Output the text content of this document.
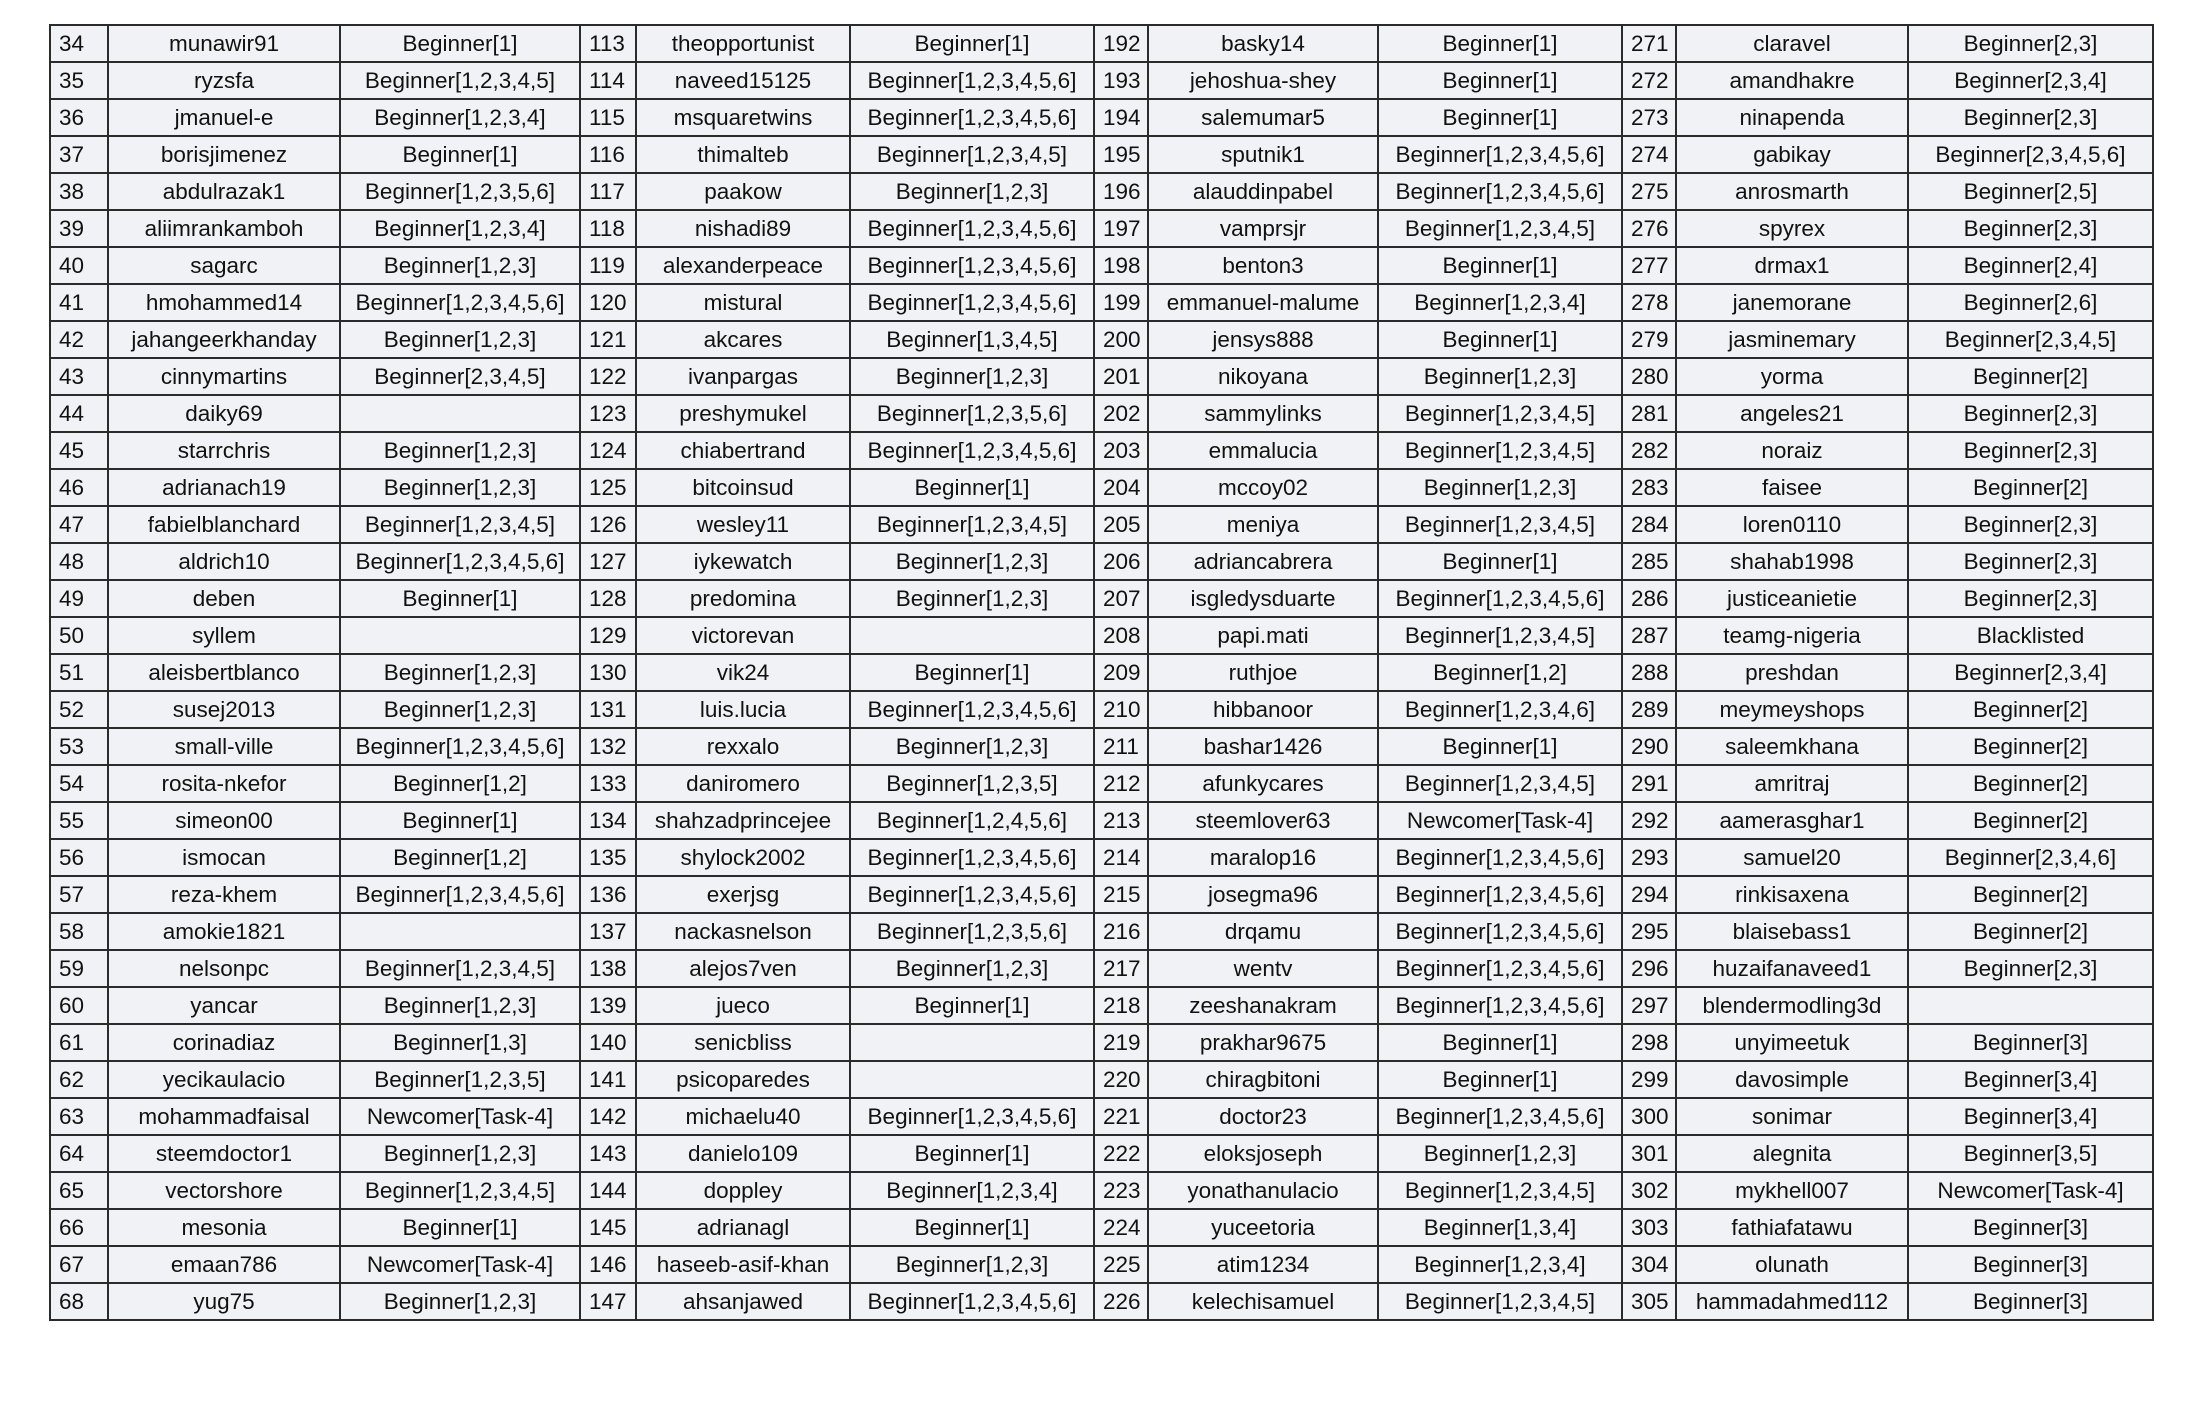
34	munawir91	Beginner[1]	113	theopportunist	Beginner[1]	192	basky14	Beginner[1]	271	claravel	Beginner[2,3]
35	ryzsfa	Beginner[1,2,3,4,5]	114	naveed15125	Beginner[1,2,3,4,5,6]	193	jehoshua-shey	Beginner[1]	272	amandhakre	Beginner[2,3,4]
36	jmanuel-e	Beginner[1,2,3,4]	115	msquaretwins	Beginner[1,2,3,4,5,6]	194	salemumar5	Beginner[1]	273	ninapenda	Beginner[2,3]
37	borisjimenez	Beginner[1]	116	thimalteb	Beginner[1,2,3,4,5]	195	sputnik1	Beginner[1,2,3,4,5,6]	274	gabikay	Beginner[2,3,4,5,6]
38	abdulrazak1	Beginner[1,2,3,5,6]	117	paakow	Beginner[1,2,3]	196	alauddinpabel	Beginner[1,2,3,4,5,6]	275	anrosmarth	Beginner[2,5]
39	aliimrankamboh	Beginner[1,2,3,4]	118	nishadi89	Beginner[1,2,3,4,5,6]	197	vamprsjr	Beginner[1,2,3,4,5]	276	spyrex	Beginner[2,3]
40	sagarc	Beginner[1,2,3]	119	alexanderpeace	Beginner[1,2,3,4,5,6]	198	benton3	Beginner[1]	277	drmax1	Beginner[2,4]
41	hmohammed14	Beginner[1,2,3,4,5,6]	120	mistural	Beginner[1,2,3,4,5,6]	199	emmanuel-malume	Beginner[1,2,3,4]	278	janemorane	Beginner[2,6]
42	jahangeerkhanday	Beginner[1,2,3]	121	akcares	Beginner[1,3,4,5]	200	jensys888	Beginner[1]	279	jasminemary	Beginner[2,3,4,5]
43	cinnymartins	Beginner[2,3,4,5]	122	ivanpargas	Beginner[1,2,3]	201	nikoyana	Beginner[1,2,3]	280	yorma	Beginner[2]
44	daiky69		123	preshymukel	Beginner[1,2,3,5,6]	202	sammylinks	Beginner[1,2,3,4,5]	281	angeles21	Beginner[2,3]
45	starrchris	Beginner[1,2,3]	124	chiabertrand	Beginner[1,2,3,4,5,6]	203	emmalucia	Beginner[1,2,3,4,5]	282	noraiz	Beginner[2,3]
46	adrianach19	Beginner[1,2,3]	125	bitcoinsud	Beginner[1]	204	mccoy02	Beginner[1,2,3]	283	faisee	Beginner[2]
47	fabielblanchard	Beginner[1,2,3,4,5]	126	wesley11	Beginner[1,2,3,4,5]	205	meniya	Beginner[1,2,3,4,5]	284	loren0110	Beginner[2,3]
48	aldrich10	Beginner[1,2,3,4,5,6]	127	iykewatch	Beginner[1,2,3]	206	adriancabrera	Beginner[1]	285	shahab1998	Beginner[2,3]
49	deben	Beginner[1]	128	predomina	Beginner[1,2,3]	207	isgledysduarte	Beginner[1,2,3,4,5,6]	286	justiceanietie	Beginner[2,3]
50	syllem		129	victorevan		208	papi.mati	Beginner[1,2,3,4,5]	287	teamg-nigeria	Blacklisted
51	aleisbertblanco	Beginner[1,2,3]	130	vik24	Beginner[1]	209	ruthjoe	Beginner[1,2]	288	preshdan	Beginner[2,3,4]
52	susej2013	Beginner[1,2,3]	131	luis.lucia	Beginner[1,2,3,4,5,6]	210	hibbanoor	Beginner[1,2,3,4,6]	289	meymeyshops	Beginner[2]
53	small-ville	Beginner[1,2,3,4,5,6]	132	rexxalo	Beginner[1,2,3]	211	bashar1426	Beginner[1]	290	saleemkhana	Beginner[2]
54	rosita-nkefor	Beginner[1,2]	133	daniromero	Beginner[1,2,3,5]	212	afunkycares	Beginner[1,2,3,4,5]	291	amritraj	Beginner[2]
55	simeon00	Beginner[1]	134	shahzadprincejee	Beginner[1,2,4,5,6]	213	steemlover63	Newcomer[Task-4]	292	aamerasghar1	Beginner[2]
56	ismocan	Beginner[1,2]	135	shylock2002	Beginner[1,2,3,4,5,6]	214	maralop16	Beginner[1,2,3,4,5,6]	293	samuel20	Beginner[2,3,4,6]
57	reza-khem	Beginner[1,2,3,4,5,6]	136	exerjsg	Beginner[1,2,3,4,5,6]	215	josegma96	Beginner[1,2,3,4,5,6]	294	rinkisaxena	Beginner[2]
58	amokie1821		137	nackasnelson	Beginner[1,2,3,5,6]	216	drqamu	Beginner[1,2,3,4,5,6]	295	blaisebass1	Beginner[2]
59	nelsonpc	Beginner[1,2,3,4,5]	138	alejos7ven	Beginner[1,2,3]	217	wentv	Beginner[1,2,3,4,5,6]	296	huzaifanaveed1	Beginner[2,3]
60	yancar	Beginner[1,2,3]	139	jueco	Beginner[1]	218	zeeshanakram	Beginner[1,2,3,4,5,6]	297	blendermodling3d	
61	corinadiaz	Beginner[1,3]	140	senicbliss		219	prakhar9675	Beginner[1]	298	unyimeetuk	Beginner[3]
62	yecikaulacio	Beginner[1,2,3,5]	141	psicoparedes		220	chiragbitoni	Beginner[1]	299	davosimple	Beginner[3,4]
63	mohammadfaisal	Newcomer[Task-4]	142	michaelu40	Beginner[1,2,3,4,5,6]	221	doctor23	Beginner[1,2,3,4,5,6]	300	sonimar	Beginner[3,4]
64	steemdoctor1	Beginner[1,2,3]	143	danielo109	Beginner[1]	222	eloksjoseph	Beginner[1,2,3]	301	alegnita	Beginner[3,5]
65	vectorshore	Beginner[1,2,3,4,5]	144	doppley	Beginner[1,2,3,4]	223	yonathanulacio	Beginner[1,2,3,4,5]	302	mykhell007	Newcomer[Task-4]
66	mesonia	Beginner[1]	145	adrianagl	Beginner[1]	224	yuceetoria	Beginner[1,3,4]	303	fathiafatawu	Beginner[3]
67	emaan786	Newcomer[Task-4]	146	haseeb-asif-khan	Beginner[1,2,3]	225	atim1234	Beginner[1,2,3,4]	304	olunath	Beginner[3]
68	yug75	Beginner[1,2,3]	147	ahsanjawed	Beginner[1,2,3,4,5,6]	226	kelechisamuel	Beginner[1,2,3,4,5]	305	hammadahmed112	Beginner[3]
